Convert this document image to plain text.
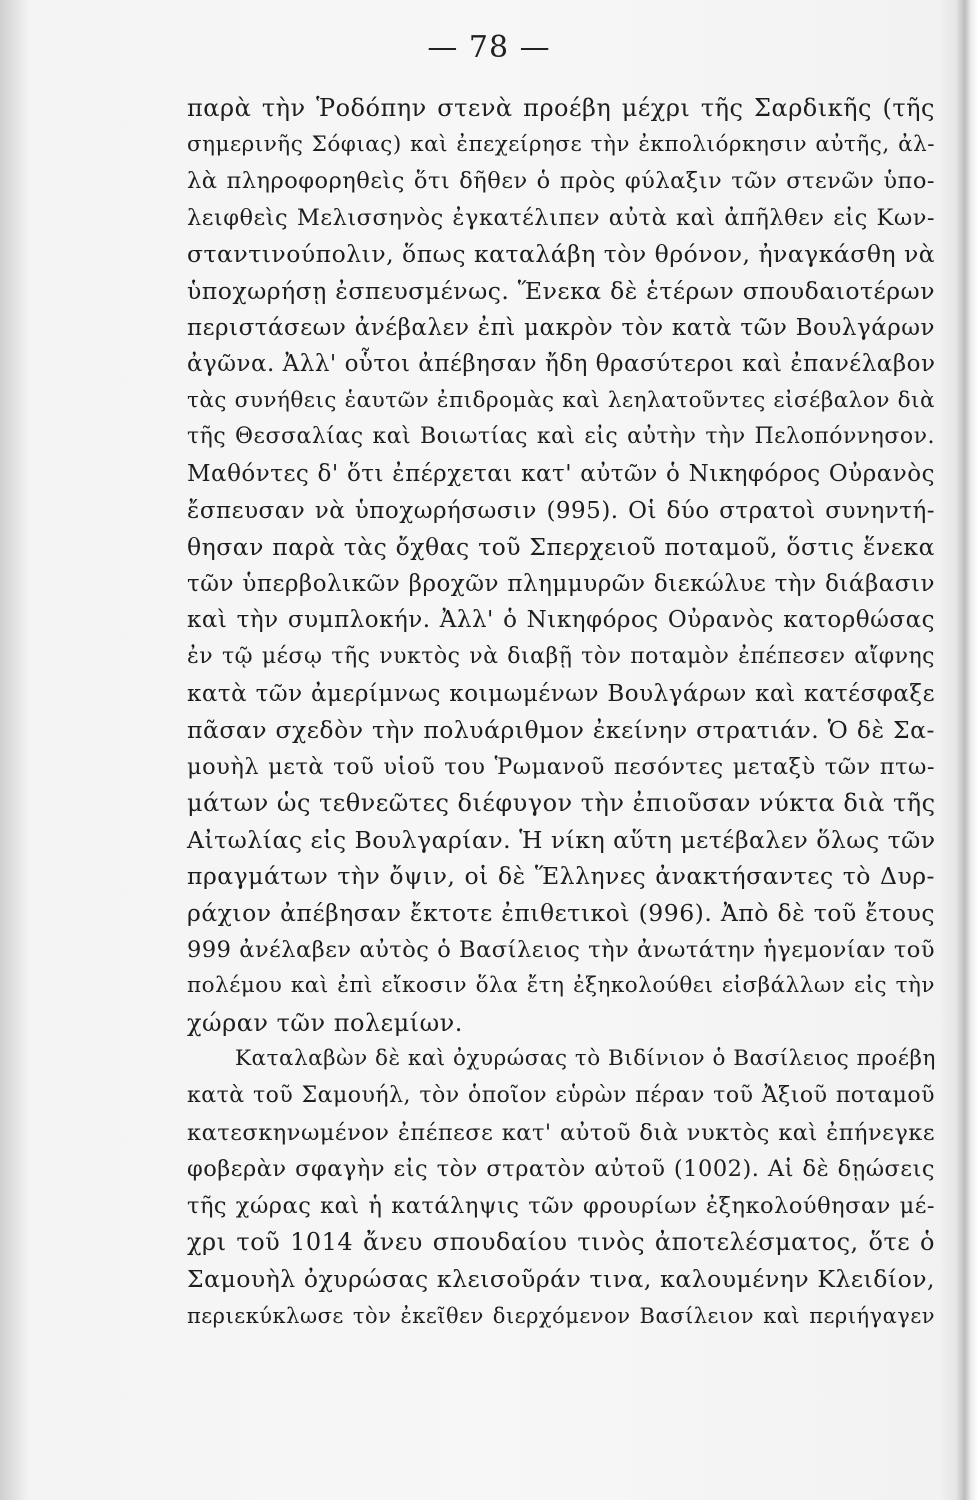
— 78 —
παρὰ τὴν Ῥοδόπην στενὰ προέβη μέχρι τῆς Σαρδικῆς (τῆς
σημερινῆς Σόφιας) καὶ ἐπεχείρησε τὴν ἐκπολιόρκησιν αὐτῆς, ἀλ-
λὰ πληροφορηθεὶς ὅτι δῆθεν ὁ πρὸς φύλαξιν τῶν στενῶν ὑπο-
λειφθεὶς Μελισσηνὸς ἐγκατέλιπεν αὐτὰ καὶ ἀπῆλθεν εἰς Κων-
σταντινούπολιν, ὅπως καταλάβη τὸν θρόνον, ἠναγκάσθη νὰ
ὑποχωρήσῃ ἐσπευσμένως. Ἕνεκα δὲ ἑτέρων σπουδαιοτέρων
περιστάσεων ἀνέβαλεν ἐπὶ μακρὸν τὸν κατὰ τῶν Βουλγάρων
ἀγῶνα. Ἀλλ' οὗτοι ἀπέβησαν ἤδη θρασύτεροι καὶ ἐπανέλαβον
τὰς συνήθεις ἑαυτῶν ἐπιδρομὰς καὶ λεηλατοῦντες εἰσέβαλον διὰ
τῆς Θεσσαλίας καὶ Βοιωτίας καὶ εἰς αὐτὴν τὴν Πελοπόννησον.
Μαθόντες δ' ὅτι ἐπέρχεται κατ' αὐτῶν ὁ Νικηφόρος Οὐρανὸς
ἔσπευσαν νὰ ὑποχωρήσωσιν (995). Οἱ δύο στρατοὶ συνηντή-
θησαν παρὰ τὰς ὄχθας τοῦ Σπερχειοῦ ποταμοῦ, ὅστις ἕνεκα
τῶν ὑπερβολικῶν βροχῶν πλημμυρῶν διεκώλυε τὴν διάβασιν
καὶ τὴν συμπλοκήν. Ἀλλ' ὁ Νικηφόρος Οὐρανὸς κατορθώσας
ἐν τῷ μέσῳ τῆς νυκτὸς νὰ διαβῇ τὸν ποταμὸν ἐπέπεσεν αἴφνης
κατὰ τῶν ἀμερίμνως κοιμωμένων Βουλγάρων καὶ κατέσφαξε
πᾶσαν σχεδὸν τὴν πολυάριθμον ἐκείνην στρατιάν. Ὁ δὲ Σα-
μουὴλ μετὰ τοῦ υἱοῦ του Ῥωμανοῦ πεσόντες μεταξὺ τῶν πτω-
μάτων ὡς τεθνεῶτες διέφυγον τὴν ἐπιοῦσαν νύκτα διὰ τῆς
Αἰτωλίας εἰς Βουλγαρίαν. Ἡ νίκη αὕτη μετέβαλεν ὅλως τῶν
πραγμάτων τὴν ὄψιν, οἱ δὲ Ἕλληνες ἀνακτήσαντες τὸ Δυρ-
ράχιον ἀπέβησαν ἔκτοτε ἐπιθετικοὶ (996). Ἀπὸ δὲ τοῦ ἔτους
999 ἀνέλαβεν αὐτὸς ὁ Βασίλειος τὴν ἀνωτάτην ἡγεμονίαν τοῦ
πολέμου καὶ ἐπὶ εἴκοσιν ὅλα ἔτη ἐξηκολούθει εἰσβάλλων εἰς τὴν
χώραν τῶν πολεμίων.
Καταλαβὼν δὲ καὶ ὀχυρώσας τὸ Βιδίνιον ὁ Βασίλειος προέβη
κατὰ τοῦ Σαμουήλ, τὸν ὁποῖον εὑρὼν πέραν τοῦ Ἀξιοῦ ποταμοῦ
κατεσκηνωμένον ἐπέπεσε κατ' αὐτοῦ διὰ νυκτὸς καὶ ἐπήνεγκε
φοβερὰν σφαγὴν εἰς τὸν στρατὸν αὐτοῦ (1002). Αἱ δὲ δῃώσεις
τῆς χώρας καὶ ἡ κατάληψις τῶν φρουρίων ἐξηκολούθησαν μέ-
χρι τοῦ 1014 ἄνευ σπουδαίου τινὸς ἀποτελέσματος, ὅτε ὁ
Σαμουὴλ ὀχυρώσας κλεισοῦράν τινα, καλουμένην Κλειδίον,
περιεκύκλωσε τὸν ἐκεῖθεν διερχόμενον Βασίλειον καὶ περιήγαγεν
